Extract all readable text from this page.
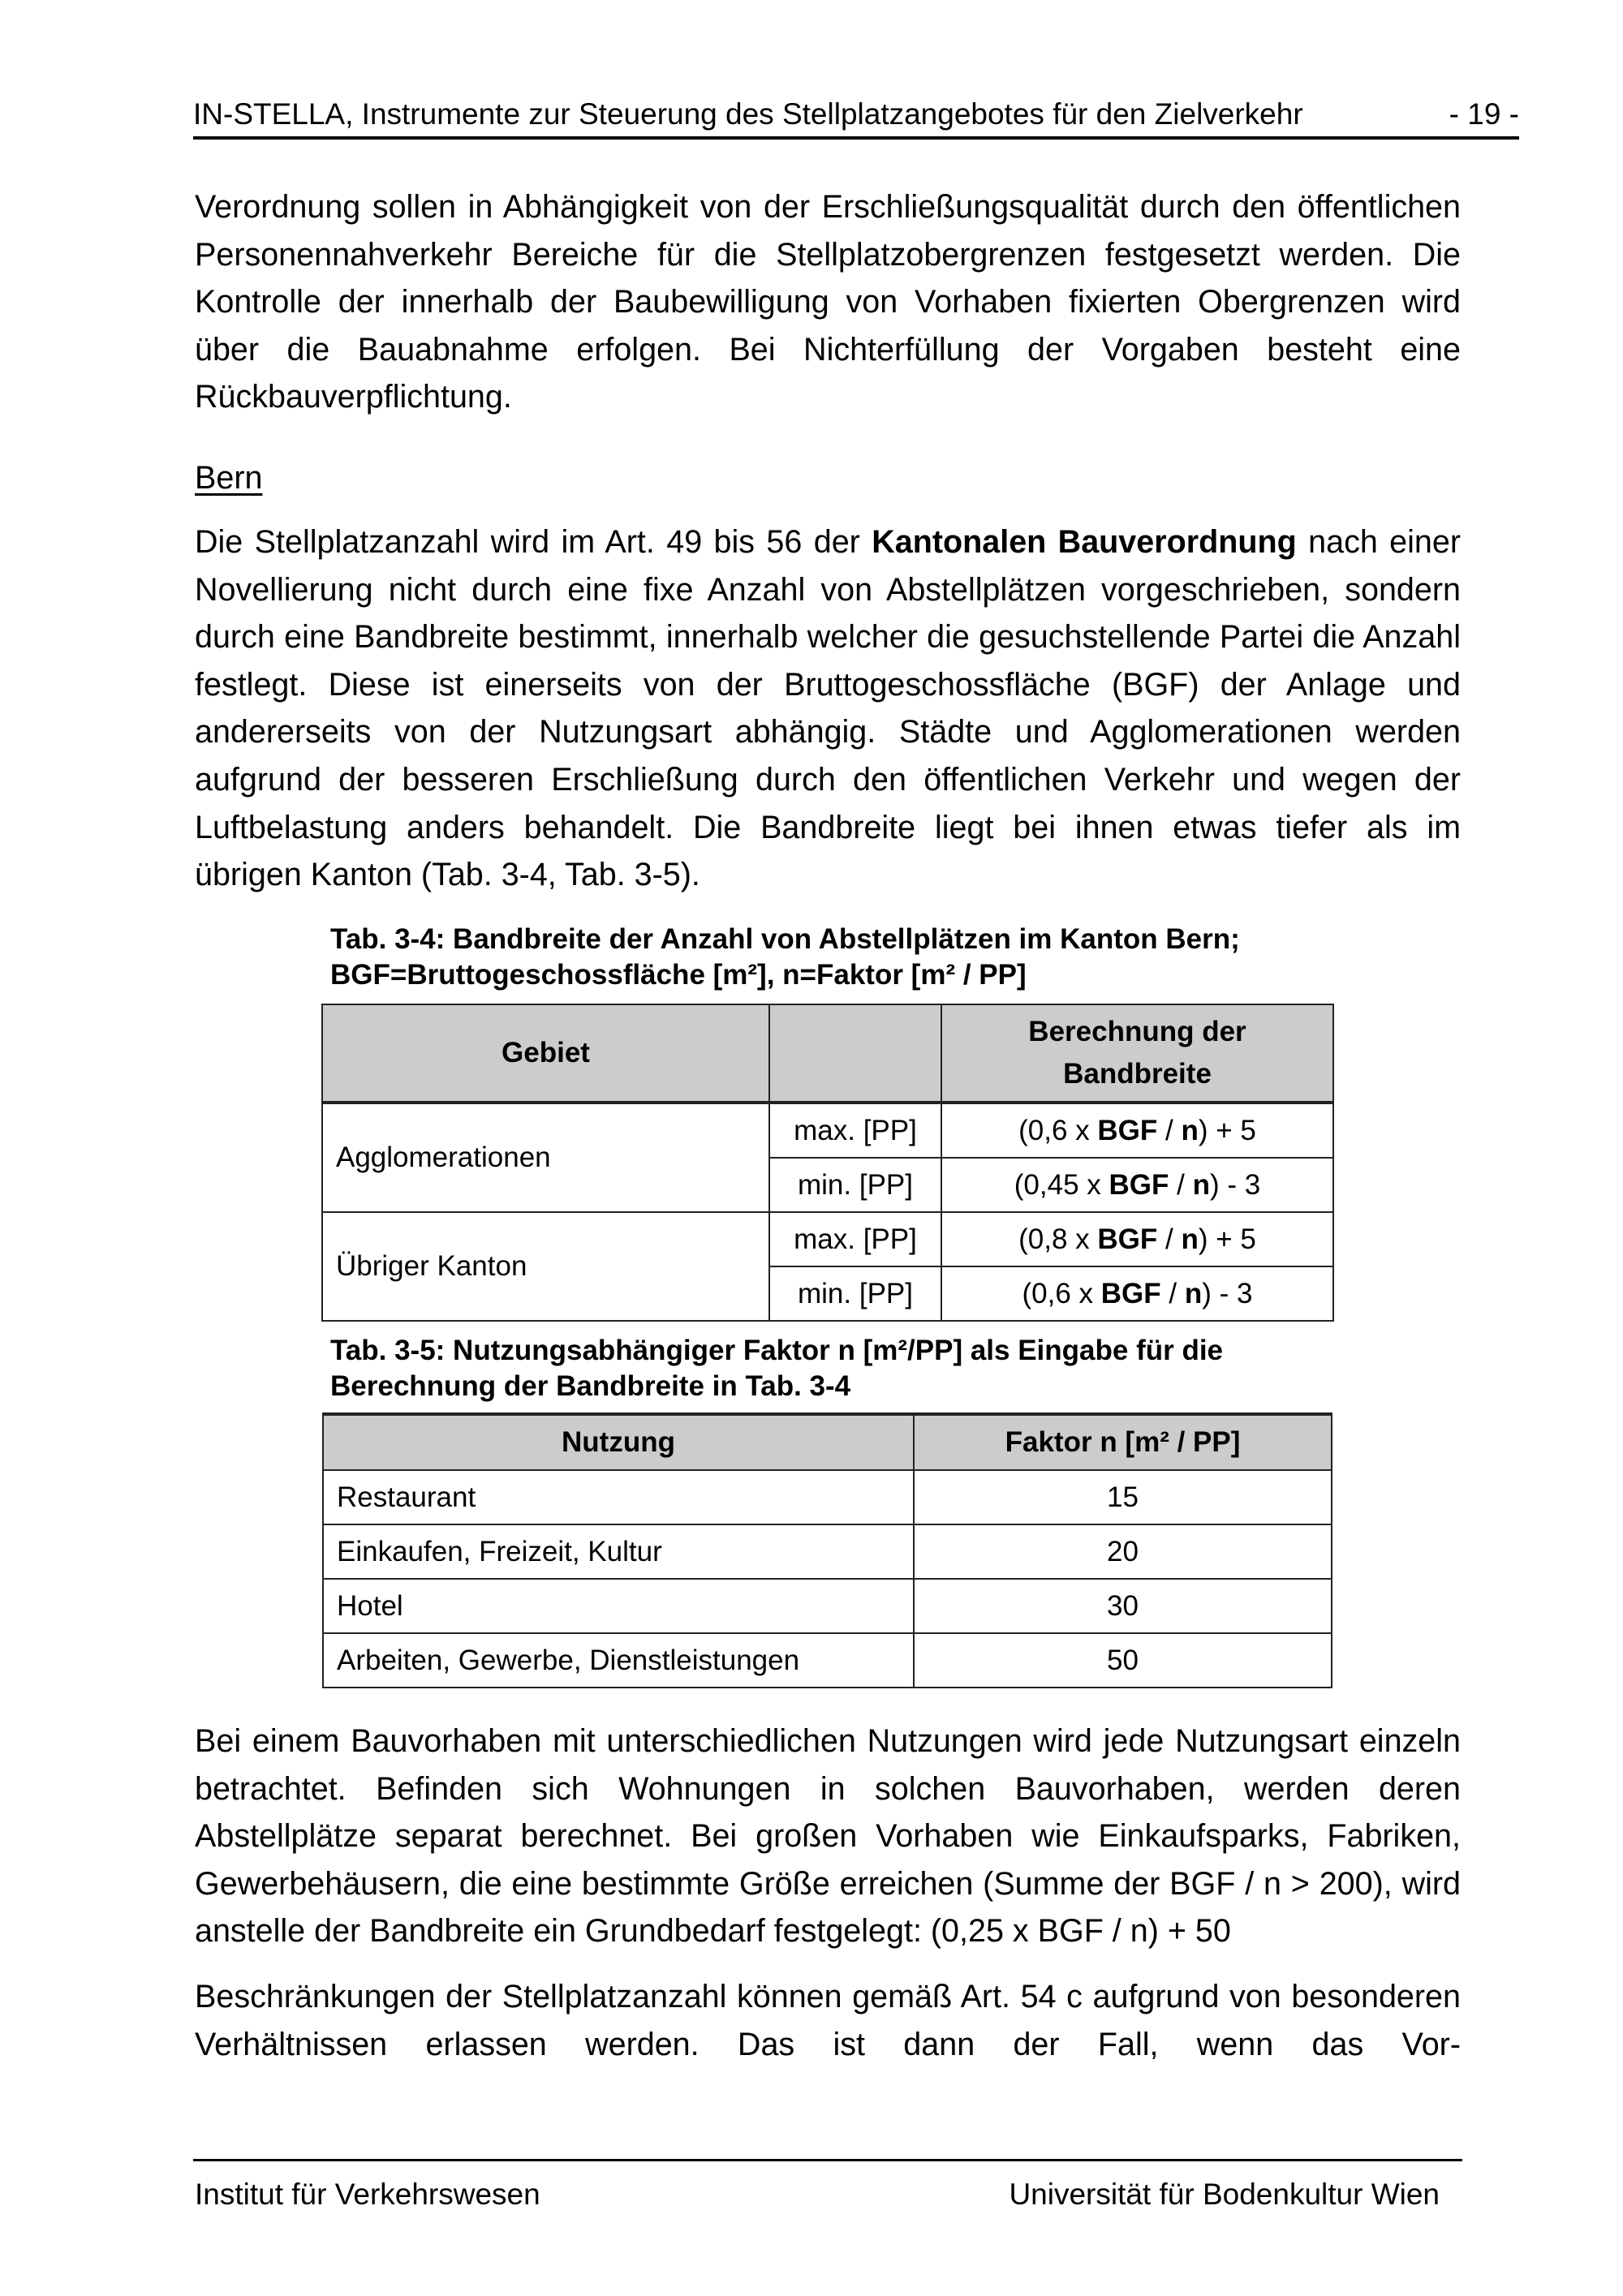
IN-STELLA, Instrumente zur Steuerung des Stellplatzangebotes für den Zielverkehr	- 19 -
Verordnung sollen in Abhängigkeit von der Erschließungsqualität durch den öffentlichen Personennahverkehr Bereiche für die Stellplatzobergrenzen festgesetzt werden. Die Kontrolle der innerhalb der Baubewilligung von Vorhaben fixierten Obergrenzen wird über die Bauabnahme erfolgen. Bei Nichterfüllung der Vorgaben besteht eine Rückbauverpflichtung.
Bern
Die Stellplatzanzahl wird im Art. 49 bis 56 der Kantonalen Bauverordnung nach einer Novellierung nicht durch eine fixe Anzahl von Abstellplätzen vorgeschrieben, sondern durch eine Bandbreite bestimmt, innerhalb welcher die gesuchstellende Partei die Anzahl festlegt. Diese ist einerseits von der Bruttogeschossfläche (BGF) der Anlage und andererseits von der Nutzungsart abhängig. Städte und Agglomerationen werden aufgrund der besseren Erschließung durch den öffentlichen Verkehr und wegen der Luftbelastung anders behandelt. Die Bandbreite liegt bei ihnen etwas tiefer als im übrigen Kanton (Tab. 3-4, Tab. 3-5).
Tab. 3-4: Bandbreite der Anzahl von Abstellplätzen im Kanton Bern;
BGF=Bruttogeschossfläche [m²], n=Faktor [m² / PP]
Gebiet		Berechnung der
Bandbreite

Agglomerationen	max. [PP]	(0,6 x BGF / n) + 5
	min. [PP]	(0,45 x BGF / n) - 3
Übriger Kanton	max. [PP]	(0,8 x BGF / n) + 5
	min. [PP]	(0,6 x BGF / n) - 3
Tab. 3-5: Nutzungsabhängiger Faktor n [m²/PP] als Eingabe für die
Berechnung der Bandbreite in Tab. 3-4
Nutzung	Faktor n [m² / PP]
Restaurant	15
Einkaufen, Freizeit, Kultur	20
Hotel	30
Arbeiten, Gewerbe, Dienstleistungen	50
Bei einem Bauvorhaben mit unterschiedlichen Nutzungen wird jede Nutzungsart einzeln betrachtet. Befinden sich Wohnungen in solchen Bauvorhaben, werden deren Abstellplätze separat berechnet. Bei großen Vorhaben wie Einkaufsparks, Fabriken, Gewerbehäusern, die eine bestimmte Größe erreichen (Summe der BGF / n > 200), wird anstelle der Bandbreite ein Grundbedarf festgelegt: (0,25 x BGF / n) + 50
Beschränkungen der Stellplatzanzahl können gemäß Art. 54 c aufgrund von besonderen Verhältnissen erlassen werden. Das ist dann der Fall, wenn das Vor-
Institut für Verkehrswesen	Universität für Bodenkultur Wien
